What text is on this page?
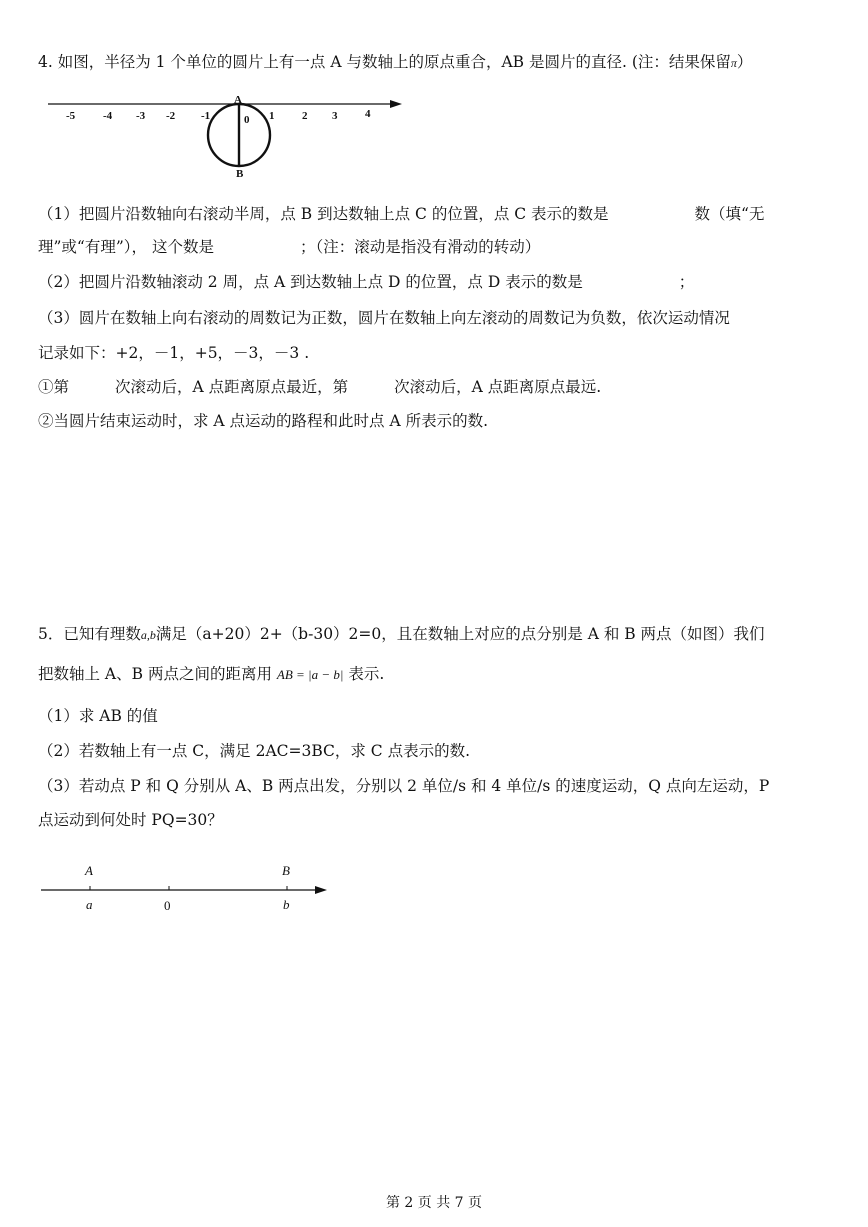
4. 如图，半径为 1 个单位的圆片上有一点 A 与数轴上的原点重合，AB 是圆片的直径. (注：结果保留π）
-5	-4 -3 -2 -1	0 1	2 3	4
A
B
（1）把圆片沿数轴向右滚动半周，点 B 到达数轴上点 C 的位置，点 C 表示的数是	数（填“无
理”或“有理”）， 这个数是	；（注：滚动是指没有滑动的转动）
（2）把圆片沿数轴滚动 2 周，点 A 到达数轴上点 D 的位置，点 D 表示的数是	；
（3）圆片在数轴上向右滚动的周数记为正数，圆片在数轴上向左滚动的周数记为负数，依次运动情况
记录如下：+2，－1，+5，－3，－3 .
①第	次滚动后，A 点距离原点最近，第	次滚动后，A 点距离原点最远.
②当圆片结束运动时，求 A 点运动的路程和此时点 A 所表示的数.
5．已知有理数a,b满足（a+20）2+（b-30）2=0，且在数轴上对应的点分别是 A 和 B 两点（如图）我们
把数轴上 A、B 两点之间的距离用 AB = |a − b| 表示.
（1）求 AB 的值
（2）若数轴上有一点 C，满足 2AC=3BC，求 C 点表示的数.
（3）若动点 P 和 Q 分别从 A、B 两点出发，分别以 2 单位/s 和 4 单位/s 的速度运动，Q 点向左运动，P
点运动到何处时 PQ=30？
A	B
a	b
0
第 2 页 共 7 页
